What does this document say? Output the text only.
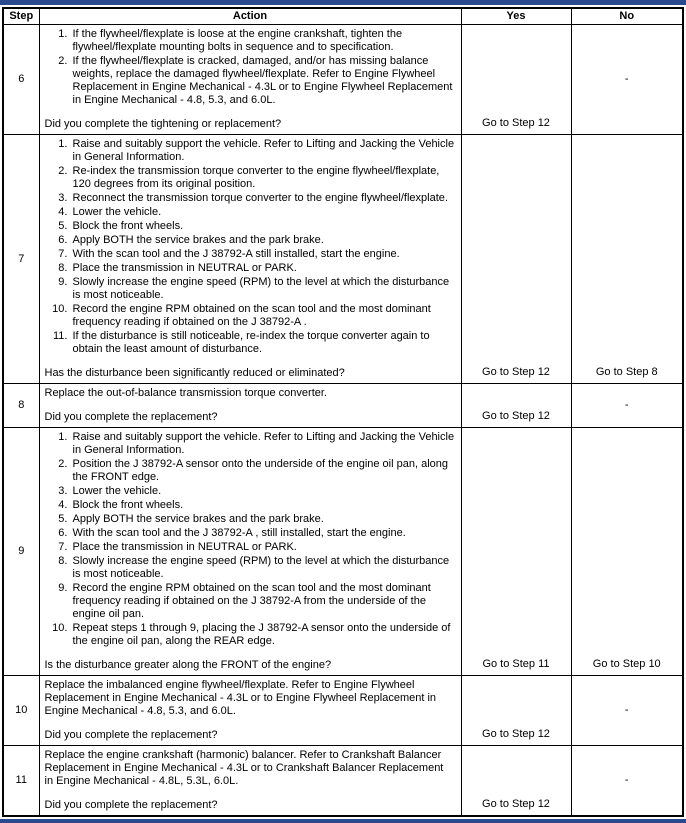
Step	Action	Yes	No
6	
1. If the flywheel/flexplate is loose at the engine crankshaft, tighten the flywheel/flexplate mounting bolts in sequence and to specification.
2. If the flywheel/flexplate is cracked, damaged, and/or has missing balance weights, replace the damaged flywheel/flexplate. Refer to Engine Flywheel Replacement in Engine Mechanical - 4.3L or to Engine Flywheel Replacement in Engine Mechanical - 4.8, 5.3, and 6.0L.
Did you complete the tightening or replacement?	Go to Step 12	-
7	
1. Raise and suitably support the vehicle. Refer to Lifting and Jacking the Vehicle in General Information.
2. Re-index the transmission torque converter to the engine flywheel/flexplate, 120 degrees from its original position.
3. Reconnect the transmission torque converter to the engine flywheel/flexplate.
4. Lower the vehicle.
5. Block the front wheels.
6. Apply BOTH the service brakes and the park brake.
7. With the scan tool and the J 38792-A still installed, start the engine.
8. Place the transmission in NEUTRAL or PARK.
9. Slowly increase the engine speed (RPM) to the level at which the disturbance is most noticeable.
10. Record the engine RPM obtained on the scan tool and the most dominant frequency reading if obtained on the J 38792-A .
11. If the disturbance is still noticeable, re-index the torque converter again to obtain the least amount of disturbance.
Has the disturbance been significantly reduced or eliminated?	Go to Step 12	Go to Step 8
8	Replace the out-of-balance transmission torque converter.
Did you complete the replacement?	Go to Step 12	-
9	
1. Raise and suitably support the vehicle. Refer to Lifting and Jacking the Vehicle in General Information.
2. Position the J 38792-A sensor onto the underside of the engine oil pan, along the FRONT edge.
3. Lower the vehicle.
4. Block the front wheels.
5. Apply BOTH the service brakes and the park brake.
6. With the scan tool and the J 38792-A , still installed, start the engine.
7. Place the transmission in NEUTRAL or PARK.
8. Slowly increase the engine speed (RPM) to the level at which the disturbance is most noticeable.
9. Record the engine RPM obtained on the scan tool and the most dominant frequency reading if obtained on the J 38792-A from the underside of the engine oil pan.
10. Repeat steps 1 through 9, placing the J 38792-A sensor onto the underside of the engine oil pan, along the REAR edge.
Is the disturbance greater along the FRONT of the engine?	Go to Step 11	Go to Step 10
10	Replace the imbalanced engine flywheel/flexplate. Refer to Engine Flywheel Replacement in Engine Mechanical - 4.3L or to Engine Flywheel Replacement in Engine Mechanical - 4.8, 5.3, and 6.0L.
Did you complete the replacement?	Go to Step 12	-
11	Replace the engine crankshaft (harmonic) balancer. Refer to Crankshaft Balancer Replacement in Engine Mechanical - 4.3L or to Crankshaft Balancer Replacement in Engine Mechanical - 4.8L, 5.3L, 6.0L.
Did you complete the replacement?	Go to Step 12	-
